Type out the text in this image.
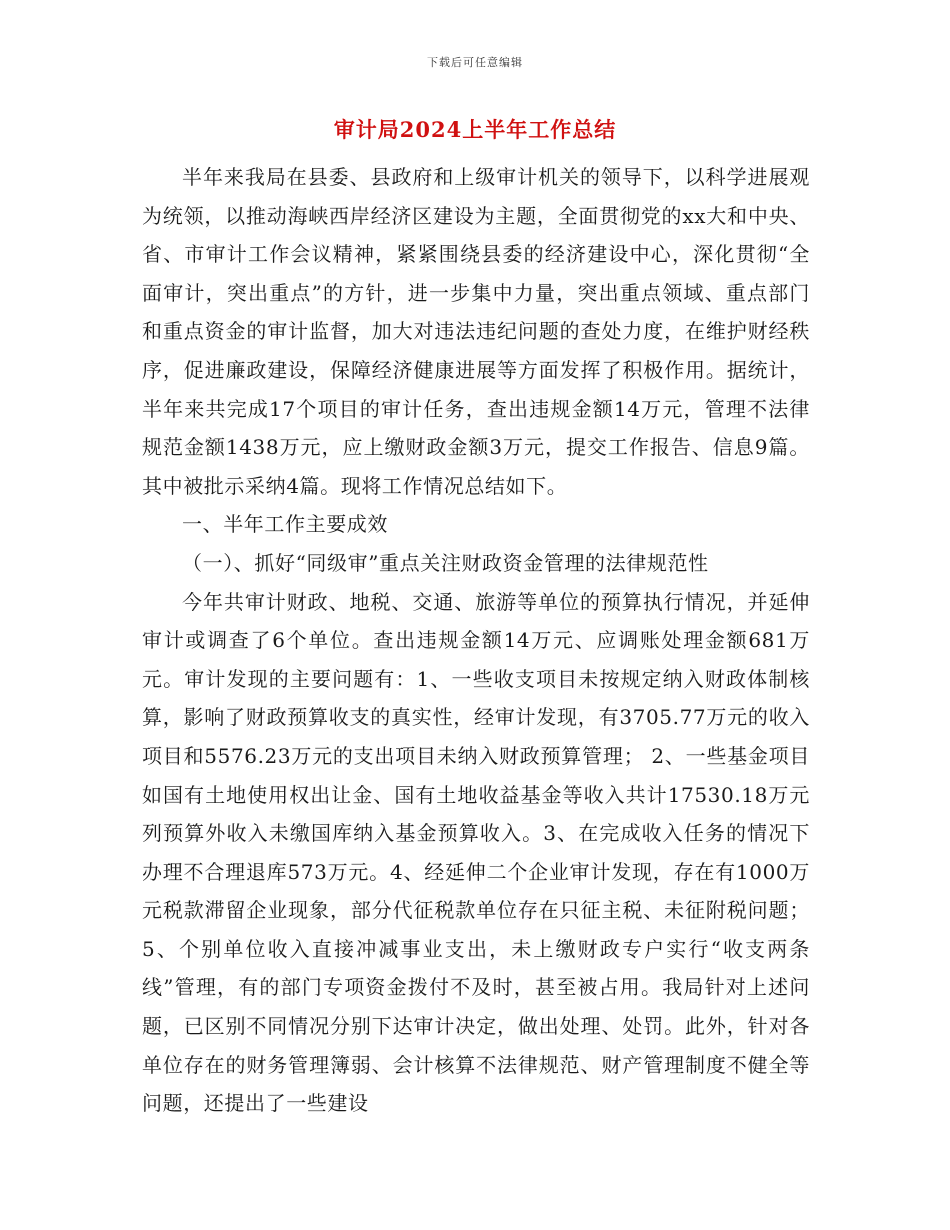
下载后可任意编辑
审计局2024上半年工作总结

半年来我局在县委、县政府和上级审计机关的领导下，以科学进展观为统领，以推动海峡西岸经济区建设为主题，全面贯彻党的xx大和中央、省、市审计工作会议精神，紧紧围绕县委的经济建设中心，深化贯彻“全面审计，突出重点”的方针，进一步集中力量，突出重点领域、重点部门和重点资金的审计监督，加大对违法违纪问题的查处力度，在维护财经秩序，促进廉政建设，保障经济健康进展等方面发挥了积极作用。据统计，半年来共完成17个项目的审计任务，查出违规金额14万元，管理不法律规范金额1438万元，应上缴财政金额3万元，提交工作报告、信息9篇。其中被批示采纳4篇。现将工作情况总结如下。

一、半年工作主要成效

（一）、抓好“同级审”重点关注财政资金管理的法律规范性

今年共审计财政、地税、交通、旅游等单位的预算执行情况，并延伸审计或调查了6个单位。查出违规金额14万元、应调账处理金额681万元。审计发现的主要问题有：1、一些收支项目未按规定纳入财政体制核算，影响了财政预算收支的真实性，经审计发现，有3705.77万元的收入项目和5576.23万元的支出项目未纳入财政预算管理； 2、一些基金项目如国有土地使用权出让金、国有土地收益基金等收入共计17530.18万元列预算外收入未缴国库纳入基金预算收入。3、在完成收入任务的情况下办理不合理退库573万元。4、经延伸二个企业审计发现，存在有1000万元税款滞留企业现象，部分代征税款单位存在只征主税、未征附税问题； 5、个别单位收入直接冲减事业支出，未上缴财政专户实行“收支两条线”管理，有的部门专项资金拨付不及时，甚至被占用。我局针对上述问题，已区别不同情况分别下达审计决定，做出处理、处罚。此外，针对各单位存在的财务管理簿弱、会计核算不法律规范、财产管理制度不健全等问题，还提出了一些建设
